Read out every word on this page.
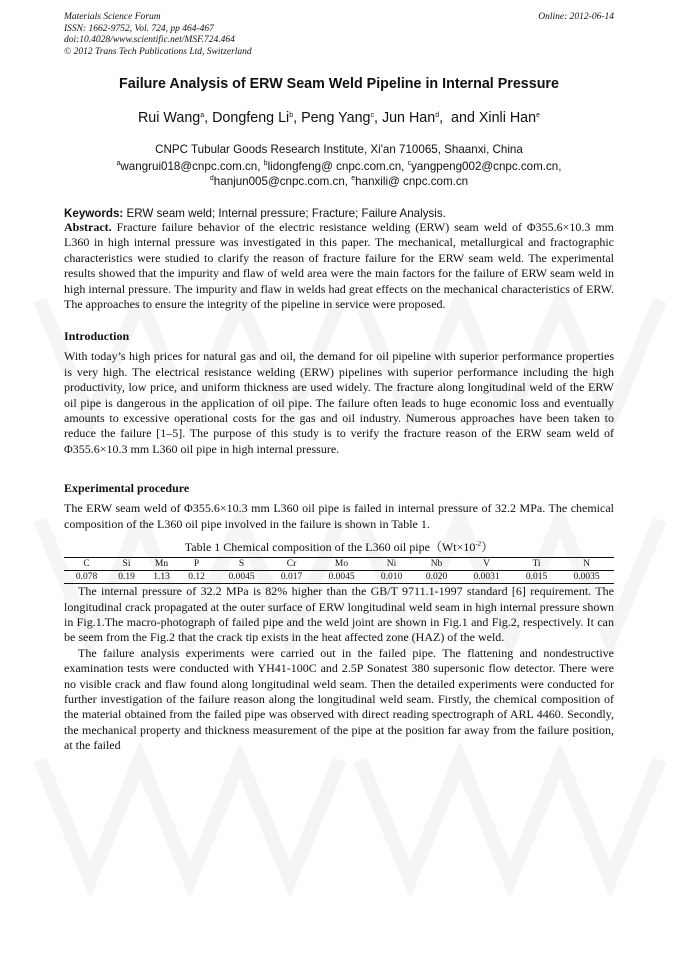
Materials Science Forum
ISSN: 1662-9752, Vol. 724, pp 464-467
doi:10.4028/www.scientific.net/MSF.724.464
© 2012 Trans Tech Publications Ltd, Switzerland
Online: 2012-06-14
Failure Analysis of ERW Seam Weld Pipeline in Internal Pressure
Rui Wang$^a$, Dongfeng Li$^b$, Peng Yang$^c$, Jun Han$^d$,  and Xinli Han$^e$
CNPC Tubular Goods Research Institute, Xi'an 710065, Shaanxi, China
$^a$wangrui018@cnpc.com.cn, $^b$lidongfeng@ cnpc.com.cn, $^c$yangpeng002@cnpc.com.cn,
$^d$hanjun005@cnpc.com.cn, $^e$hanxili@ cnpc.com.cn
Keywords: ERW seam weld; Internal pressure; Fracture; Failure Analysis.

Abstract. Fracture failure behavior of the electric resistance welding (ERW) seam weld of Φ355.6×10.3 mm L360 in high internal pressure was investigated in this paper. The mechanical, metallurgical and fractographic characteristics were studied to clarify the reason of fracture failure for the ERW seam weld. The experimental results showed that the impurity and flaw of weld area were the main factors for the failure of ERW seam weld in high internal pressure. The impurity and flaw in welds had great effects on the mechanical characteristics of ERW. The approaches to ensure the integrity of the pipeline in service were proposed.

Introduction

With today’s high prices for natural gas and oil, the demand for oil pipeline with superior performance properties is very high. The electrical resistance welding (ERW) pipelines with superior performance including the high productivity, low price, and uniform thickness are used widely. The fracture along longitudinal weld of the ERW oil pipe is dangerous in the application of oil pipe. The failure often leads to huge economic loss and eventually amounts to excessive operational costs for the gas and oil industry. Numerous approaches have been taken to reduce the failure [1–5]. The purpose of this study is to verify the fracture reason of the ERW seam weld of Φ355.6×10.3 mm L360 oil pipe in high internal pressure.

Experimental procedure

The ERW seam weld of Φ355.6×10.3 mm L360 oil pipe is failed in internal pressure of 32.2 MPa. The chemical composition of the L360 oil pipe involved in the failure is shown in Table 1.

Table 1 Chemical composition of the L360 oil $pipe(Wt\times 10^{-2})$
C	Si	Mn	P	S	Cr	Mo	Ni	Nb	V	Ti	N
0.078	0.19	1.13	0.12	0.0045	0.017	0.0045	0.010	0.020	0.0031	0.015	0.0035

The internal pressure of 32.2 MPa is 82% higher than the GB/T 9711.1-1997 standard [6] requirement. The longitudinal crack propagated at the outer surface of ERW longitudinal weld seam in high internal pressure shown in Fig.1.The macro-photograph of failed pipe and the weld joint are shown in Fig.1 and Fig.2, respectively. It can be seem from the Fig.2 that the crack tip exists in the heat affected zone (HAZ) of the weld.

The failure analysis experiments were carried out in the failed pipe. The flattening and nondestructive examination tests were conducted with YH41-100C and 2.5P Sonatest 380 supersonic flow detector. There were no visible crack and flaw found along longitudinal weld seam. Then the detailed experiments were conducted for further investigation of the failure reason along the longitudinal weld seam. Firstly, the chemical composition of the material obtained from the failed pipe was observed with direct reading spectrograph of ARL 4460. Secondly, the mechanical property and thickness measurement of the pipe at the position far away from the failure position, at the failed
